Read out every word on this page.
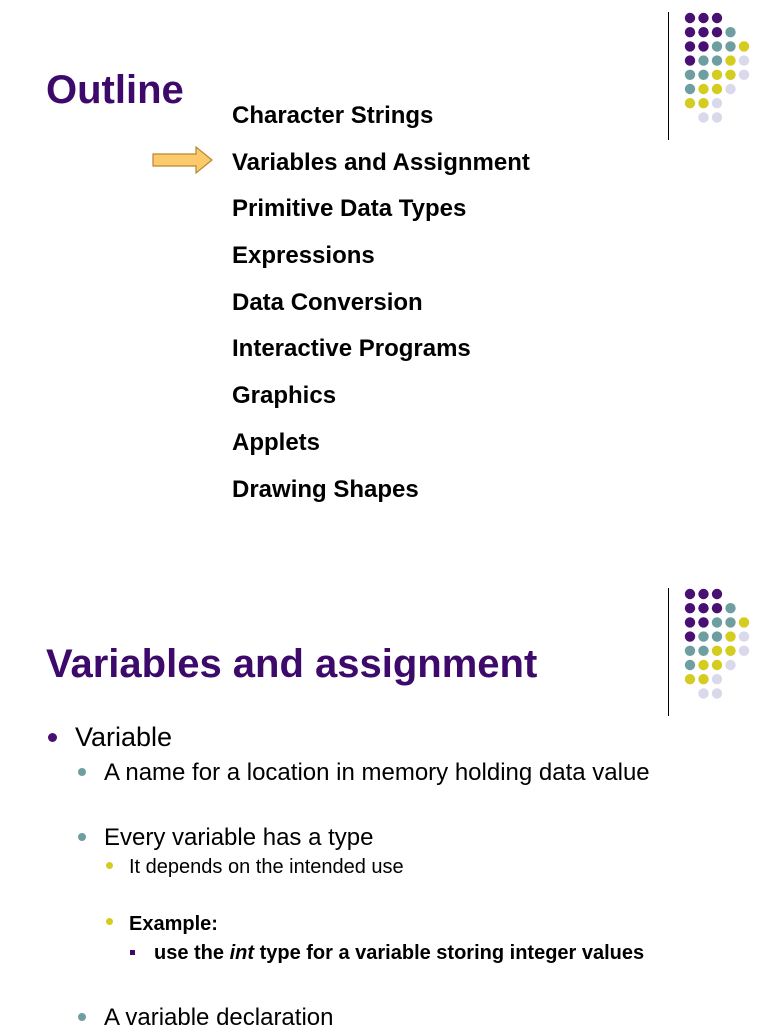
Outline
Character Strings
Variables and Assignment
Primitive Data Types
Expressions
Data Conversion
Interactive Programs
Graphics
Applets
Drawing Shapes
Variables and assignment
Variable
A name for a location in memory holding data value
Every variable has a type
It depends on the intended use
Example:
use the int type for a variable storing integer values
A variable declaration
